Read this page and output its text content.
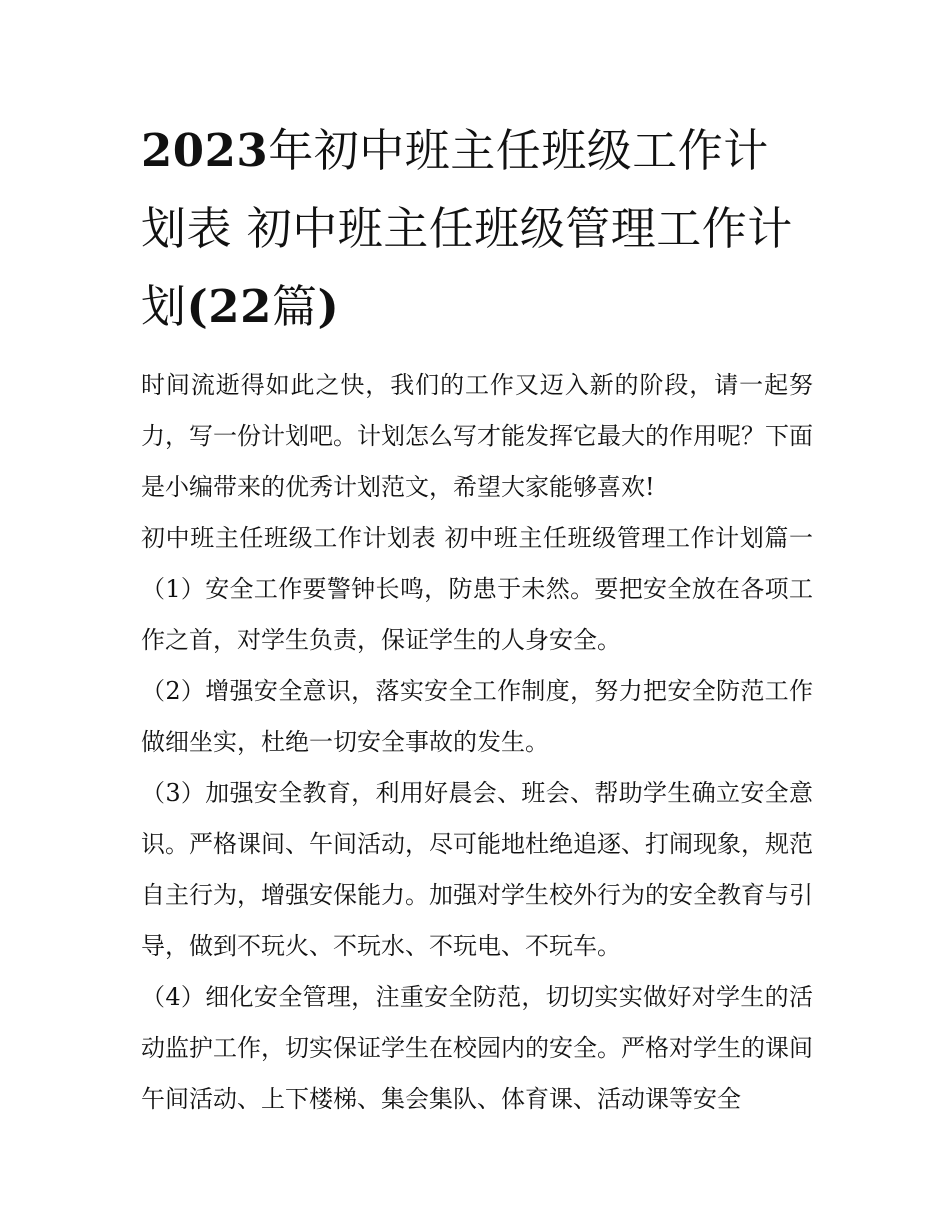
2023年初中班主任班级工作计划表 初中班主任班级管理工作计划(22篇)

时间流逝得如此之快，我们的工作又迈入新的阶段，请一起努力，写一份计划吧。计划怎么写才能发挥它最大的作用呢？下面是小编带来的优秀计划范文，希望大家能够喜欢!

初中班主任班级工作计划表 初中班主任班级管理工作计划篇一 （1）安全工作要警钟长鸣，防患于未然。要把安全放在各项工作之首，对学生负责，保证学生的人身安全。

（2）增强安全意识，落实安全工作制度，努力把安全防范工作做细坐实，杜绝一切安全事故的发生。

（3）加强安全教育，利用好晨会、班会、帮助学生确立安全意识。严格课间、午间活动，尽可能地杜绝追逐、打闹现象，规范自主行为，增强安保能力。加强对学生校外行为的安全教育与引导，做到不玩火、不玩水、不玩电、不玩车。

（4）细化安全管理，注重安全防范，切切实实做好对学生的活动监护工作，切实保证学生在校园内的安全。严格对学生的课间午间活动、上下楼梯、集会集队、体育课、活动课等安全
